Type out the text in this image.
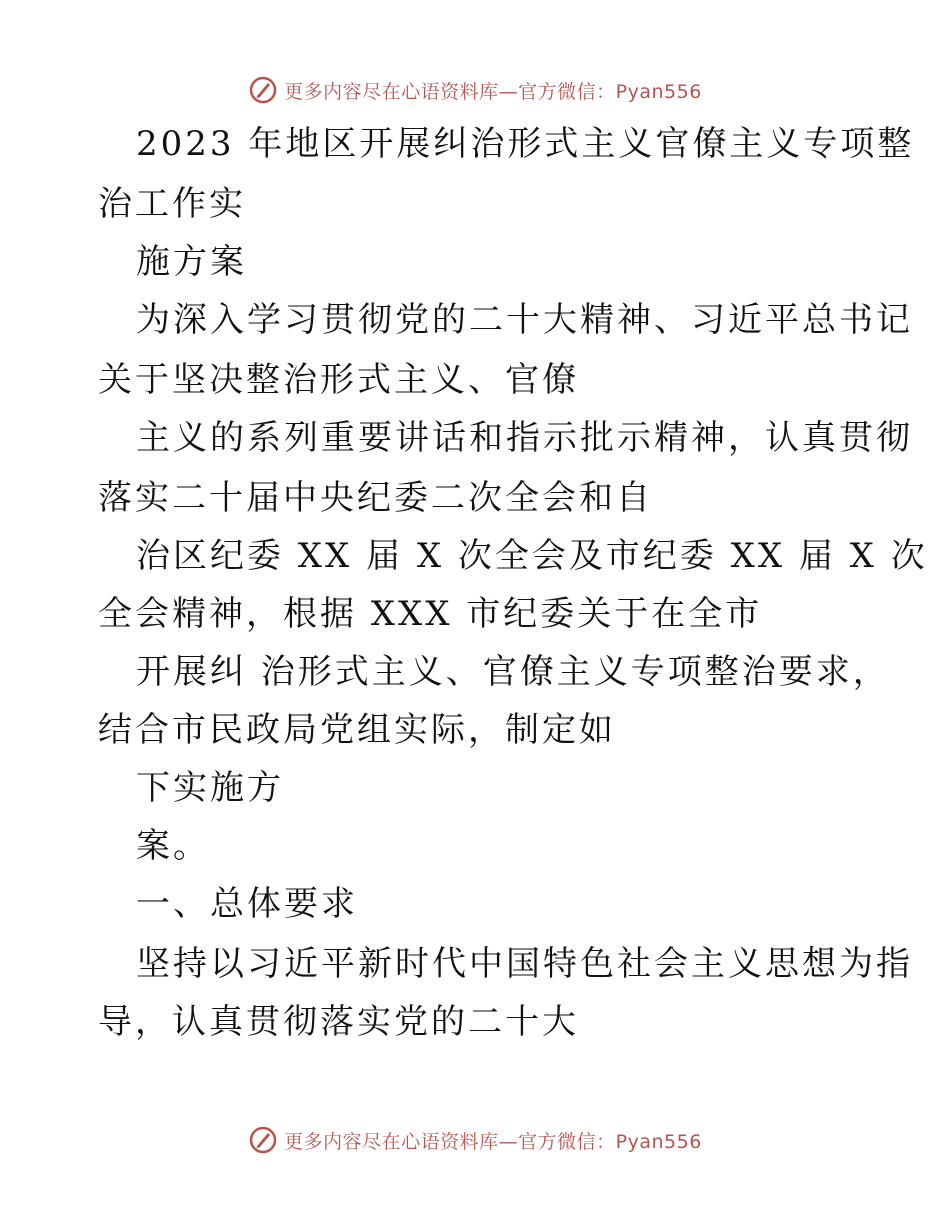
更多内容尽在心语资料库—官方微信：Pyan556
2023 年地区开展纠治形式主义官僚主义专项整
治工作实
施方案
为深入学习贯彻党的二十大精神、习近平总书记
关于坚决整治形式主义、官僚
主义的系列重要讲话和指示批示精神，认真贯彻
落实二十届中央纪委二次全会和自
治区纪委 XX 届 X 次全会及市纪委 XX 届 X 次
全会精神，根据 XXX 市纪委关于在全市
开展纠 治形式主义、官僚主义专项整治要求，
结合市民政局党组实际，制定如
下实施方
案。
一、总体要求
坚持以习近平新时代中国特色社会主义思想为指
导，认真贯彻落实党的二十大
更多内容尽在心语资料库—官方微信：Pyan556
